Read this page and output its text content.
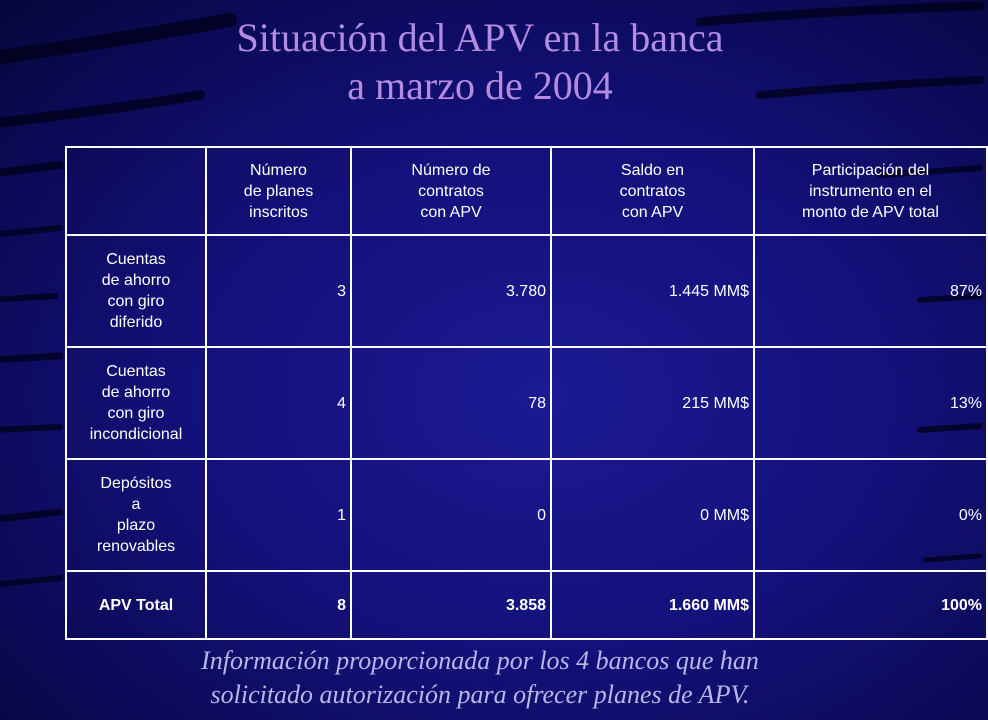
Situación del APV en la banca
a marzo de 2004

	Número
de planes
inscritos	Número de
contratos
con APV	Saldo en
contratos
con APV	Participación del
instrumento en el
monto de APV total

Cuentas
de ahorro
con giro
diferido	3	3.780	1.445 MM$	87%

Cuentas
de ahorro
con giro
incondicional	4	78	215 MM$	13%

Depósitos
a
plazo
renovables	1	0	0 MM$	0%
APV Total	8	3.858	1.660 MM$	100%
Información proporcionada por los 4 bancos que han
solicitado autorización para ofrecer planes de APV.
